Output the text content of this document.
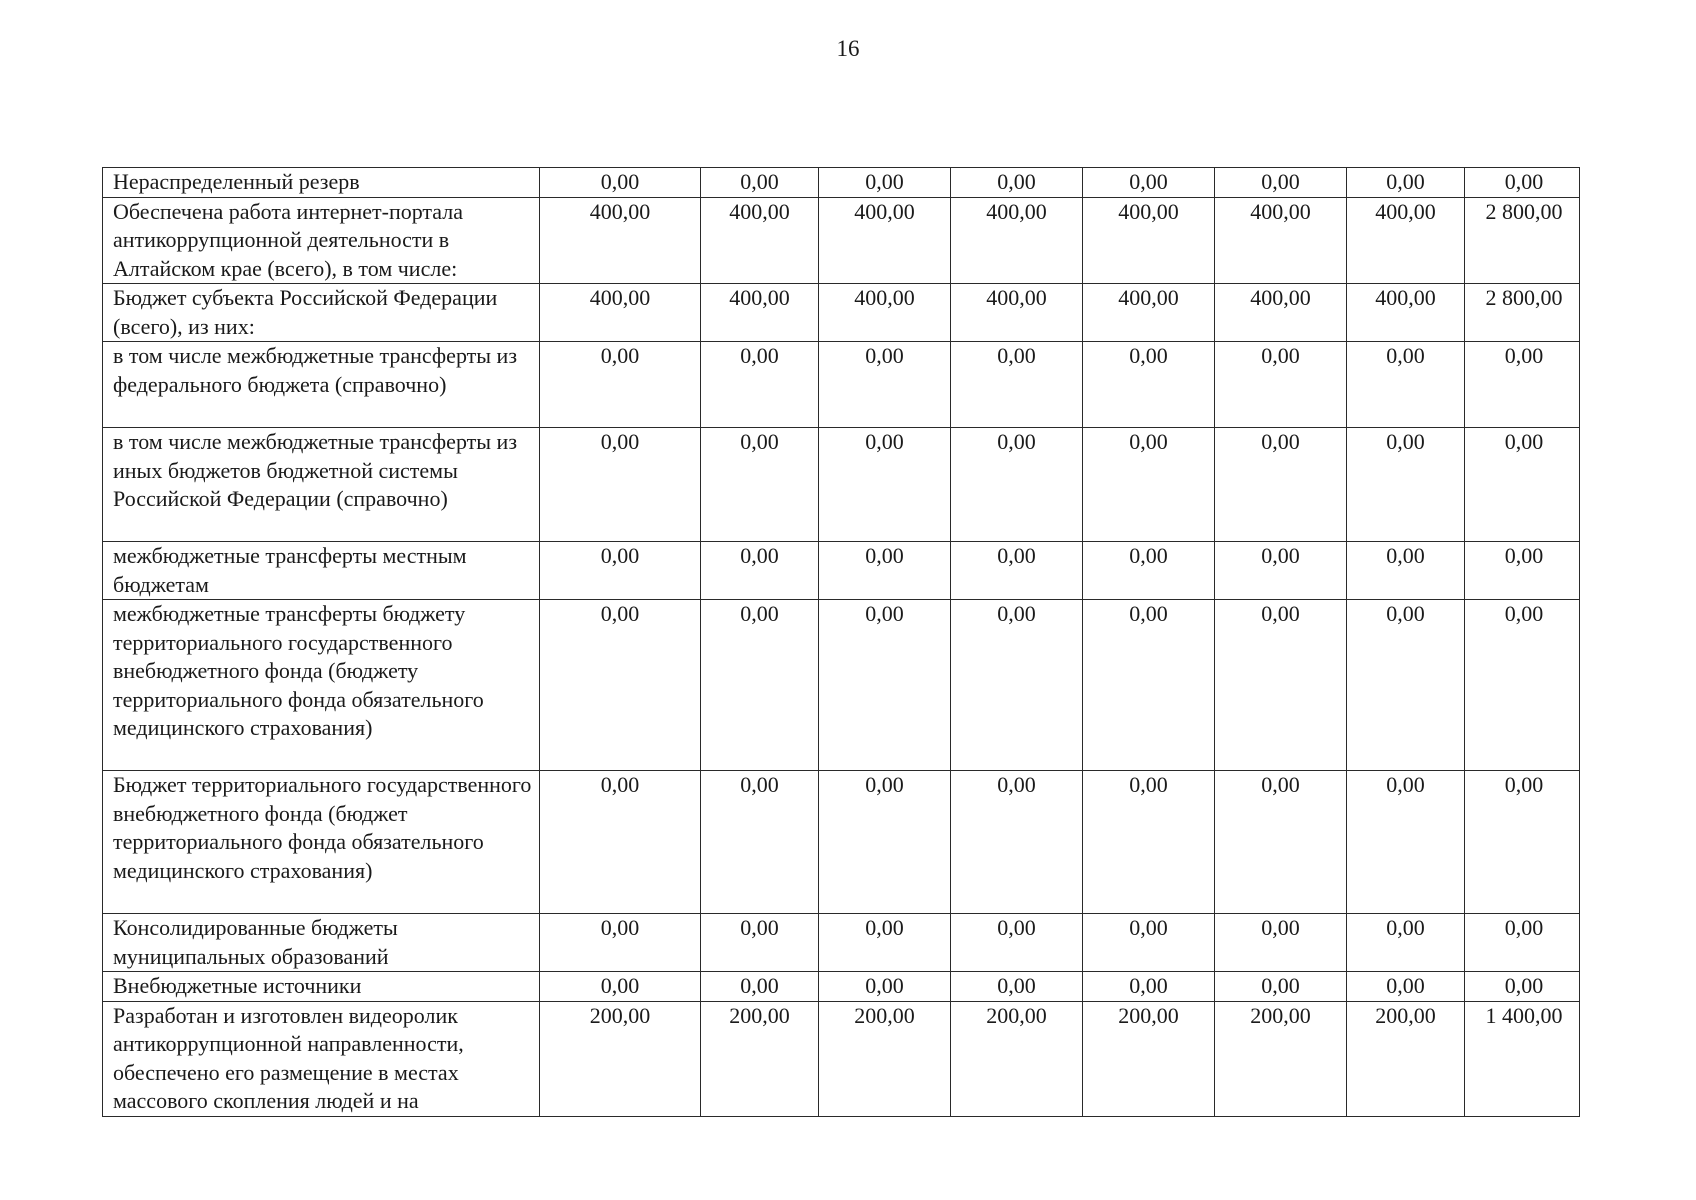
16
Нераспределенный резерв	0,00	0,00	0,00	0,00	0,00	0,00	0,00	0,00
Обеспечена работа интернет-портала антикоррупционной деятельности в Алтайском крае (всего), в том числе:	400,00	400,00	400,00	400,00	400,00	400,00	400,00	2 800,00
Бюджет субъекта Российской Федерации (всего), из них:	400,00	400,00	400,00	400,00	400,00	400,00	400,00	2 800,00
в том числе межбюджетные трансферты из федерального бюджета (справочно)	0,00	0,00	0,00	0,00	0,00	0,00	0,00	0,00
в том числе межбюджетные трансферты из иных бюджетов бюджетной системы Российской Федерации (справочно)	0,00	0,00	0,00	0,00	0,00	0,00	0,00	0,00
межбюджетные трансферты местным бюджетам	0,00	0,00	0,00	0,00	0,00	0,00	0,00	0,00
межбюджетные трансферты бюджету территориального государственного внебюджетного фонда (бюджету территориального фонда обязательного медицинского страхования)	0,00	0,00	0,00	0,00	0,00	0,00	0,00	0,00
Бюджет территориального государственного внебюджетного фонда (бюджет территориального фонда обязательного медицинского страхования)	0,00	0,00	0,00	0,00	0,00	0,00	0,00	0,00
Консолидированные бюджеты муниципальных образований	0,00	0,00	0,00	0,00	0,00	0,00	0,00	0,00
Внебюджетные источники	0,00	0,00	0,00	0,00	0,00	0,00	0,00	0,00
Разработан и изготовлен видеоролик антикоррупционной направленности, обеспечено его размещение в местах массового скопления людей и на	200,00	200,00	200,00	200,00	200,00	200,00	200,00	1 400,00
